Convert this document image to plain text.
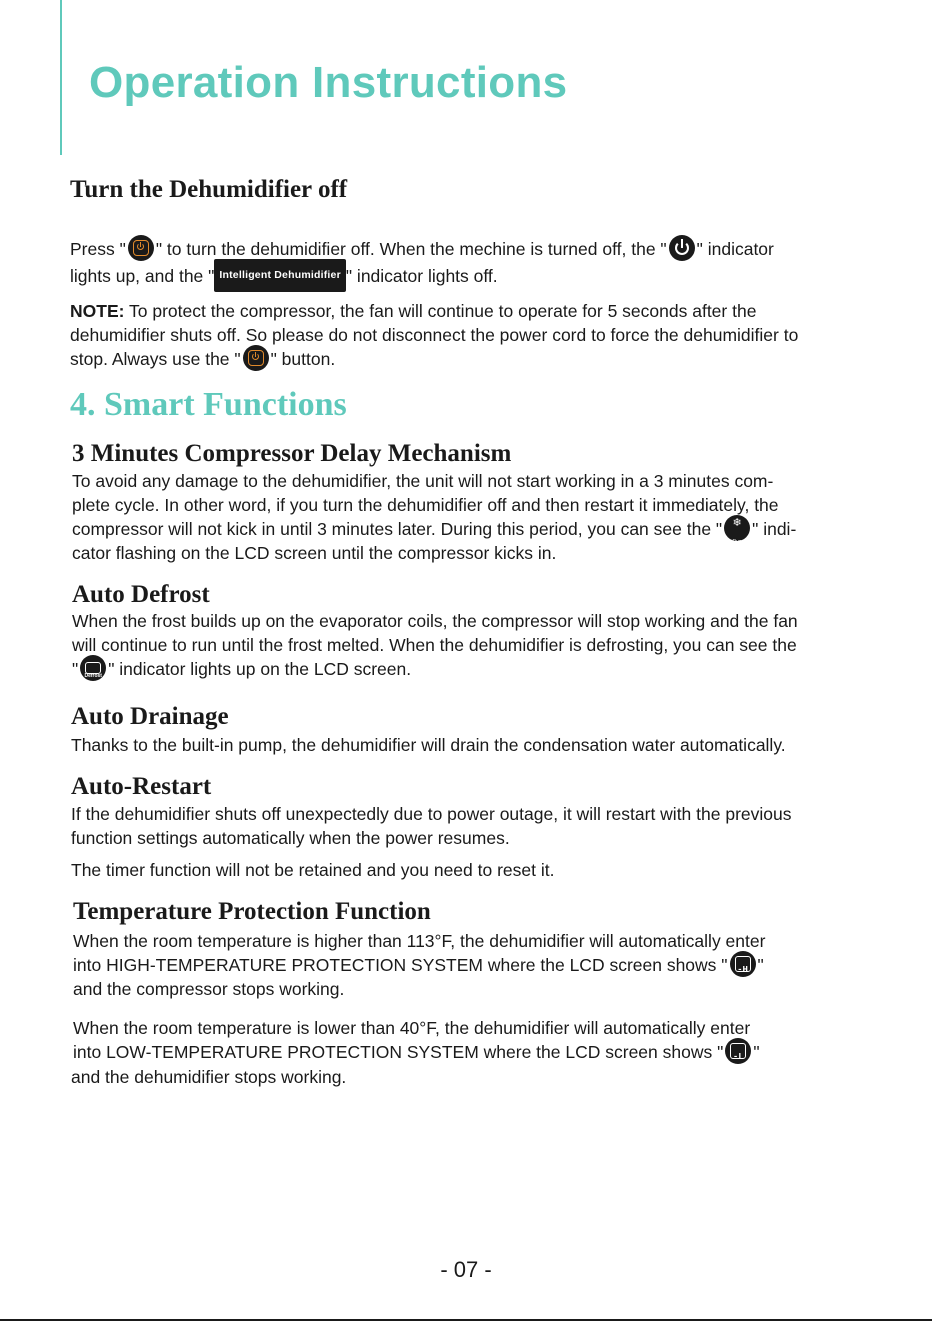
Operation Instructions
Turn the Dehumidifier off
Press " " to turn the dehumidifier off. When the mechine is turned off, the " " indicator
lights up, and the " Intelligent Dehumidifier " indicator lights off.
NOTE: To protect the compressor, the fan will continue to operate for 5 seconds after the
dehumidifier shuts off. So please do not disconnect the power cord to force the dehumidifier to
stop. Always use the " " button.
4. Smart Functions
3 Minutes Compressor Delay Mechanism
To avoid any damage to the dehumidifier, the unit will not start working in a 3 minutes com-
plete cycle. In other word, if you turn the dehumidifier off and then restart it immediately, the
compressor will not kick in until 3 minutes later. During this period, you can see the " ❄
Run
" indi-
cator flashing on the LCD screen until the compressor kicks in.
Auto Defrost
When the frost builds up on the evaporator coils, the compressor will stop working and the fan
will continue to run until the frost melted. When the dehumidifier is defrosting, you can see the
"	Defrost " indicator lights up on the LCD screen.
Auto Drainage
Thanks to the built-in pump, the dehumidifier will drain the condensation water automatically.
Auto-Restart
If the dehumidifier shuts off unexpectedly due to power outage, it will restart with the previous
function settings automatically when the power resumes.
The timer function will not be retained and you need to reset it.
Temperature Protection Function
When the room temperature is higher than 113°F, the dehumidifier will automatically enter
into HIGH-TEMPERATURE PROTECTION SYSTEM where the LCD screen shows "	-H "
and the compressor stops working.
When the room temperature is lower than 40°F, the dehumidifier will automatically enter
into LOW-TEMPERATURE PROTECTION SYSTEM where the LCD screen shows "	-L "
and the dehumidifier stops working.
- 07 -
